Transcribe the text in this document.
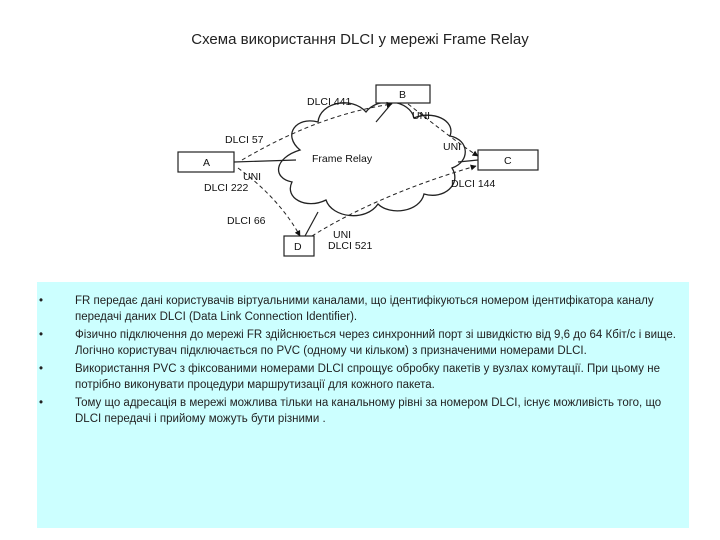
Схема використання DLCI у мережі Frame Relay
Frame Relay
B
A	C
D
DLCI 441
UNI
DLCI 57
UNI
UNI
DLCI 222	DLCI 144
DLCI 66
UNI
DLCI 521
•	FR передає дані користувачів віртуальними каналами, що ідентифікуються номером ідентифікатора каналу передачі даних DLCI (Data Link Connection Identifier).
•	Фізично підключення до мережі FR здійснюється через синхронний порт зі швидкістю від 9,6 до 64 Кбіт/с і вище. Логічно користувач підключається по PVC (одному чи кільком) з призначеними номерами DLCI.
•	Використання PVC з фіксованими номерами DLCI спрощує обробку пакетів у вузлах комутації. При цьому не потрібно виконувати процедури маршрутизації для кожного пакета.
•	Тому що адресація в мережі можлива тільки на канальному рівні за номером DLCI, існує можливість того, що DLCI передачі і прийому можуть бути різними .
